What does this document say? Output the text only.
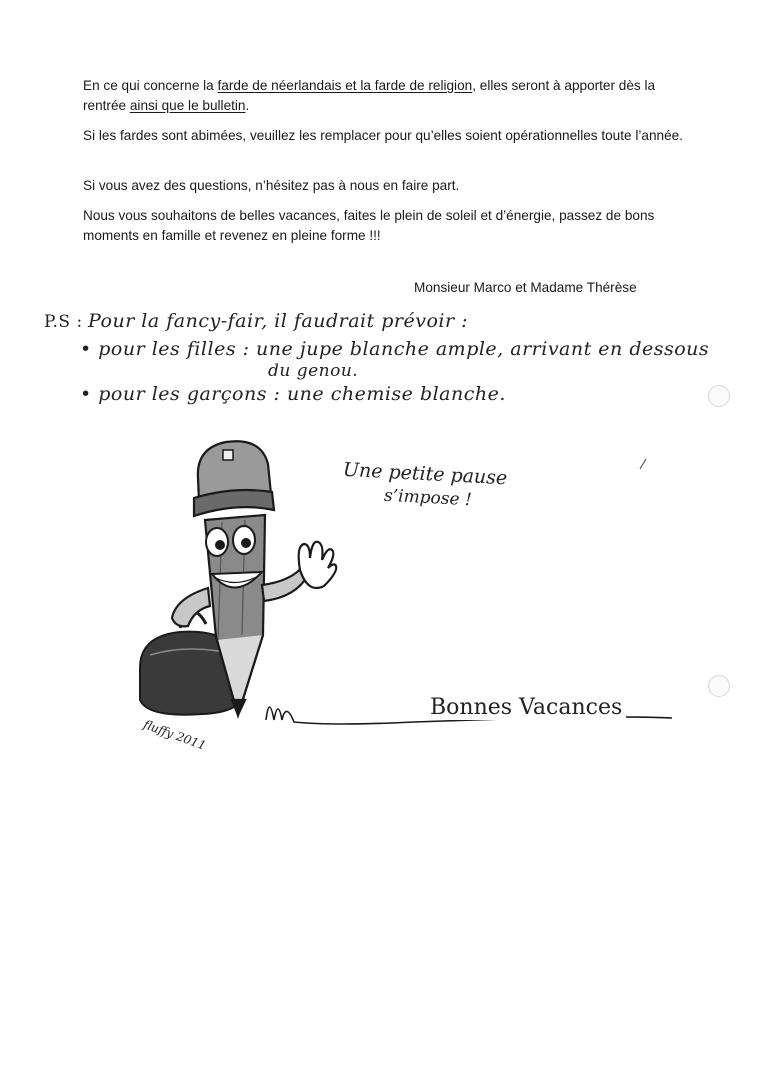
En ce qui concerne la farde de néerlandais et la farde de religion, elles seront à apporter dès la rentrée ainsi que le bulletin.

Si les fardes sont abimées, veuillez les remplacer pour qu’elles soient opérationnelles toute l’année.

Si vous avez des questions, n’hésitez pas à nous en faire part.

Nous vous souhaitons de belles vacances, faites le plein de soleil et d’énergie, passez de bons moments en famille et revenez en pleine forme !!!

Monsieur Marco et Madame Thérèse
P.S : Pour la fancy-fair, il faudrait prévoir :
• pour les filles : une jupe blanche ample, arrivant en dessous
du genou.
• pour les garçons : une chemise blanche.
Une petite pause
s’impose !
Bonnes Vacances
fluffy 2011
